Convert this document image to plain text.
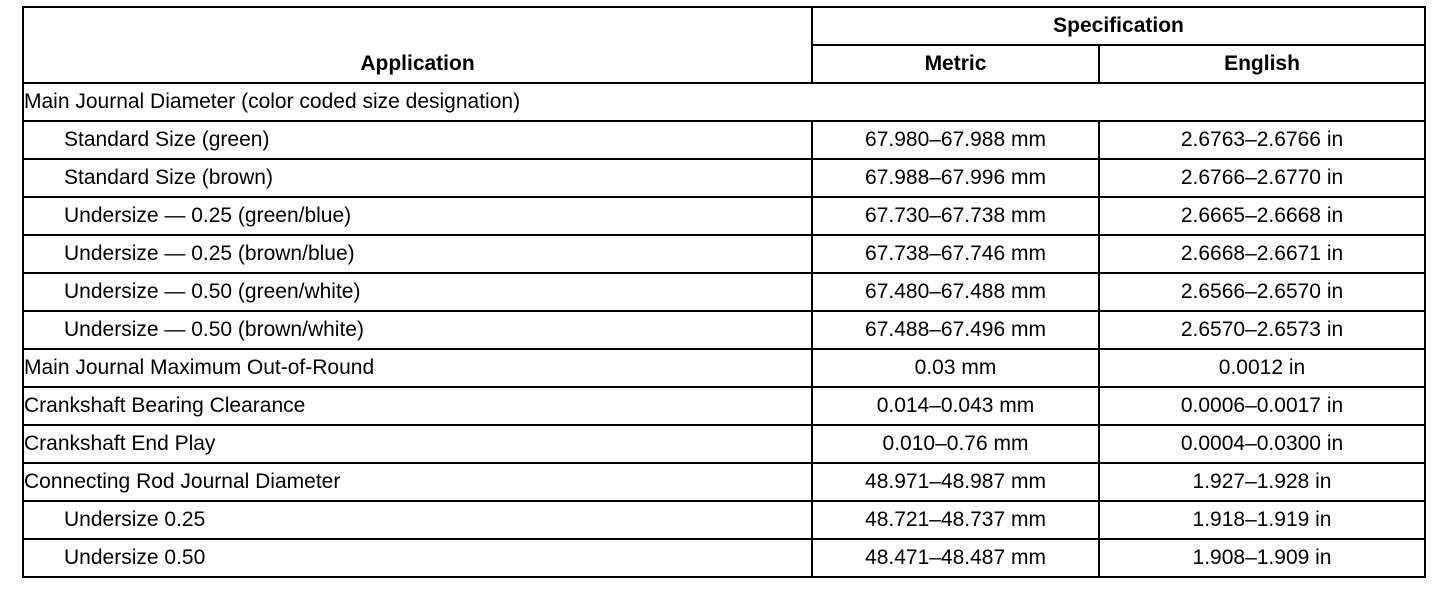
Application	Specification	
	Metric	English
Main Journal Diameter (color coded size designation)		
Standard Size (green)	67.980–67.988 mm	2.6763–2.6766 in
Standard Size (brown)	67.988–67.996 mm	2.6766–2.6770 in
Undersize — 0.25 (green/blue)	67.730–67.738 mm	2.6665–2.6668 in
Undersize — 0.25 (brown/blue)	67.738–67.746 mm	2.6668–2.6671 in
Undersize — 0.50 (green/white)	67.480–67.488 mm	2.6566–2.6570 in
Undersize — 0.50 (brown/white)	67.488–67.496 mm	2.6570–2.6573 in
Main Journal Maximum Out-of-Round	0.03 mm	0.0012 in
Crankshaft Bearing Clearance	0.014–0.043 mm	0.0006–0.0017 in
Crankshaft End Play	0.010–0.76 mm	0.0004–0.0300 in
Connecting Rod Journal Diameter	48.971–48.987 mm	1.927–1.928 in
Undersize 0.25	48.721–48.737 mm	1.918–1.919 in
Undersize 0.50	48.471–48.487 mm	1.908–1.909 in
